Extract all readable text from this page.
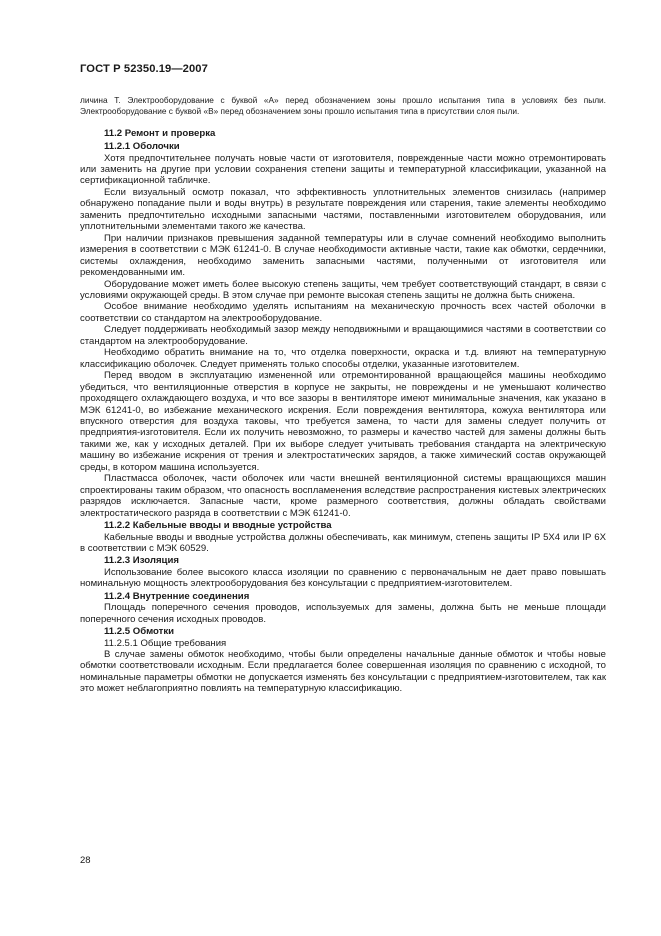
ГОСТ Р 52350.19—2007

личина Т. Электрооборудование с буквой «А» перед обозначением зоны прошло испытания типа в условиях без пыли. Электрооборудование с буквой «В» перед обозначением зоны прошло испытания типа в присутствии слоя пыли.

11.2 Ремонт и проверка
11.2.1 Оболочки

Хотя предпочтительнее получать новые части от изготовителя, поврежденные части можно отремонтировать или заменить на другие при условии сохранения степени защиты и температурной классификации, указанной на сертификационной табличке.

Если визуальный осмотр показал, что эффективность уплотнительных элементов снизилась (например обнаружено попадание пыли и воды внутрь) в результате повреждения или старения, такие элементы необходимо заменить предпочтительно исходными запасными частями, поставленными изготовителем оборудования, или уплотнительными элементами такого же качества.

При наличии признаков превышения заданной температуры или в случае сомнений необходимо выполнить измерения в соответствии с МЭК 61241-0. В случае необходимости активные части, такие как обмотки, сердечники, системы охлаждения, необходимо заменить запасными частями, полученными от изготовителя или рекомендованными им.

Оборудование может иметь более высокую степень защиты, чем требует соответствующий стандарт, в связи с условиями окружающей среды. В этом случае при ремонте высокая степень защиты не должна быть снижена.

Особое внимание необходимо уделять испытаниям на механическую прочность всех частей оболочки в соответствии со стандартом на электрооборудование.

Следует поддерживать необходимый зазор между неподвижными и вращающимися частями в соответствии со стандартом на электрооборудование.

Необходимо обратить внимание на то, что отделка поверхности, окраска и т.д. влияют на температурную классификацию оболочек. Следует применять только способы отделки, указанные изготовителем.

Перед вводом в эксплуатацию измененной или отремонтированной вращающейся машины необходимо убедиться, что вентиляционные отверстия в корпусе не закрыты, не повреждены и не уменьшают количество проходящего охлаждающего воздуха, и что все зазоры в вентиляторе имеют минимальные значения, как указано в МЭК 61241-0, во избежание механического искрения. Если повреждения вентилятора, кожуха вентилятора или впускного отверстия для воздуха таковы, что требуется замена, то части для замены следует получить от предприятия-изготовителя. Если их получить невозможно, то размеры и качество частей для замены должны быть такими же, как у исходных деталей. При их выборе следует учитывать требования стандарта на электрическую машину во избежание искрения от трения и электростатических зарядов, а также химический состав окружающей среды, в котором машина используется.

Пластмасса оболочек, части оболочек или части внешней вентиляционной системы вращающихся машин спроектированы таким образом, что опасность воспламенения вследствие распространения кистевых электрических разрядов исключается. Запасные части, кроме размерного соответствия, должны обладать свойствами электростатического разряда в соответствии с МЭК 61241-0.

11.2.2 Кабельные вводы и вводные устройства

Кабельные вводы и вводные устройства должны обеспечивать, как минимум, степень защиты IP 5X4 или IP 6X в соответствии с МЭК 60529.

11.2.3 Изоляция

Использование более высокого класса изоляции по сравнению с первоначальным не дает право повышать номинальную мощность электрооборудования без консультации с предприятием-изготовителем.

11.2.4 Внутренние соединения

Площадь поперечного сечения проводов, используемых для замены, должна быть не меньше площади поперечного сечения исходных проводов.

11.2.5 Обмотки
11.2.5.1 Общие требования

В случае замены обмоток необходимо, чтобы были определены начальные данные обмоток и чтобы новые обмотки соответствовали исходным. Если предлагается более совершенная изоляция по сравнению с исходной, то номинальные параметры обмотки не допускается изменять без консультации с предприятием-изготовителем, так как это может неблагоприятно повлиять на температурную классификацию.

28
